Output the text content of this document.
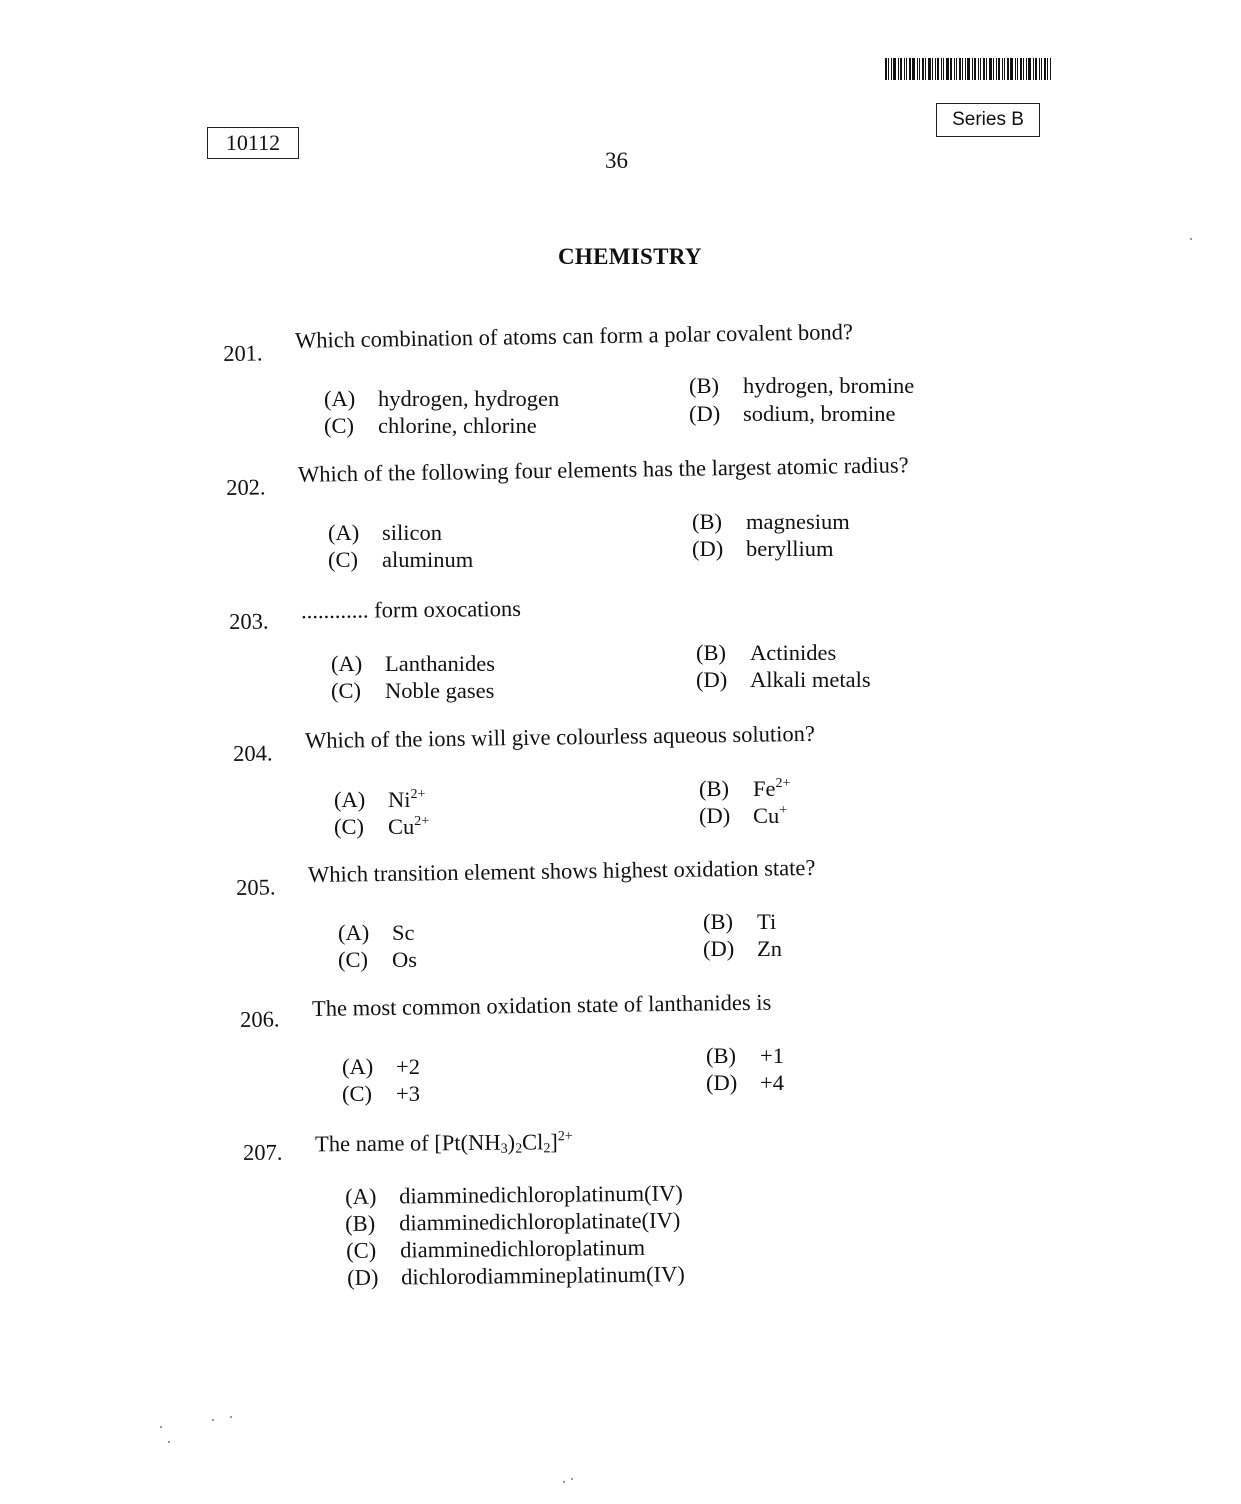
Series B
10112
36
CHEMISTRY
201.
Which combination of atoms can form a polar covalent bond?
(A) hydrogen, hydrogen
(B) hydrogen, bromine
(C) chlorine, chlorine	(D) sodium, bromine
202.
Which of the following four elements has the largest atomic radius?
(A) silicon	(B) magnesium
(C) aluminum	(D) beryllium
203. ............ form oxocations
(A) Lanthanides	(B) Actinides
(C) Noble gases	(D) Alkali metals
204.
Which of the ions will give colourless aqueous solution?
(A) $Ni^{2+}$	(B) $Fe^{2+}$
(C) $Cu^{2+}$	(D) Cu+
205.
Which transition element shows highest oxidation state?
(A) Sc	(B) Ti
(C) Os	(D) Zn
206. The most common oxidation state of lanthanides is
(A) +2	(B) +1
(C) +3	(D) +4
207. The name of $[Pt(NH_3)_2Cl_2]^{2+}$
(A) diamminedichloroplatinum(IV)
(B) diamminedichloroplatinate(IV)
(C) diamminedichloroplatinum
(D) dichlorodiammineplatinum(IV)
